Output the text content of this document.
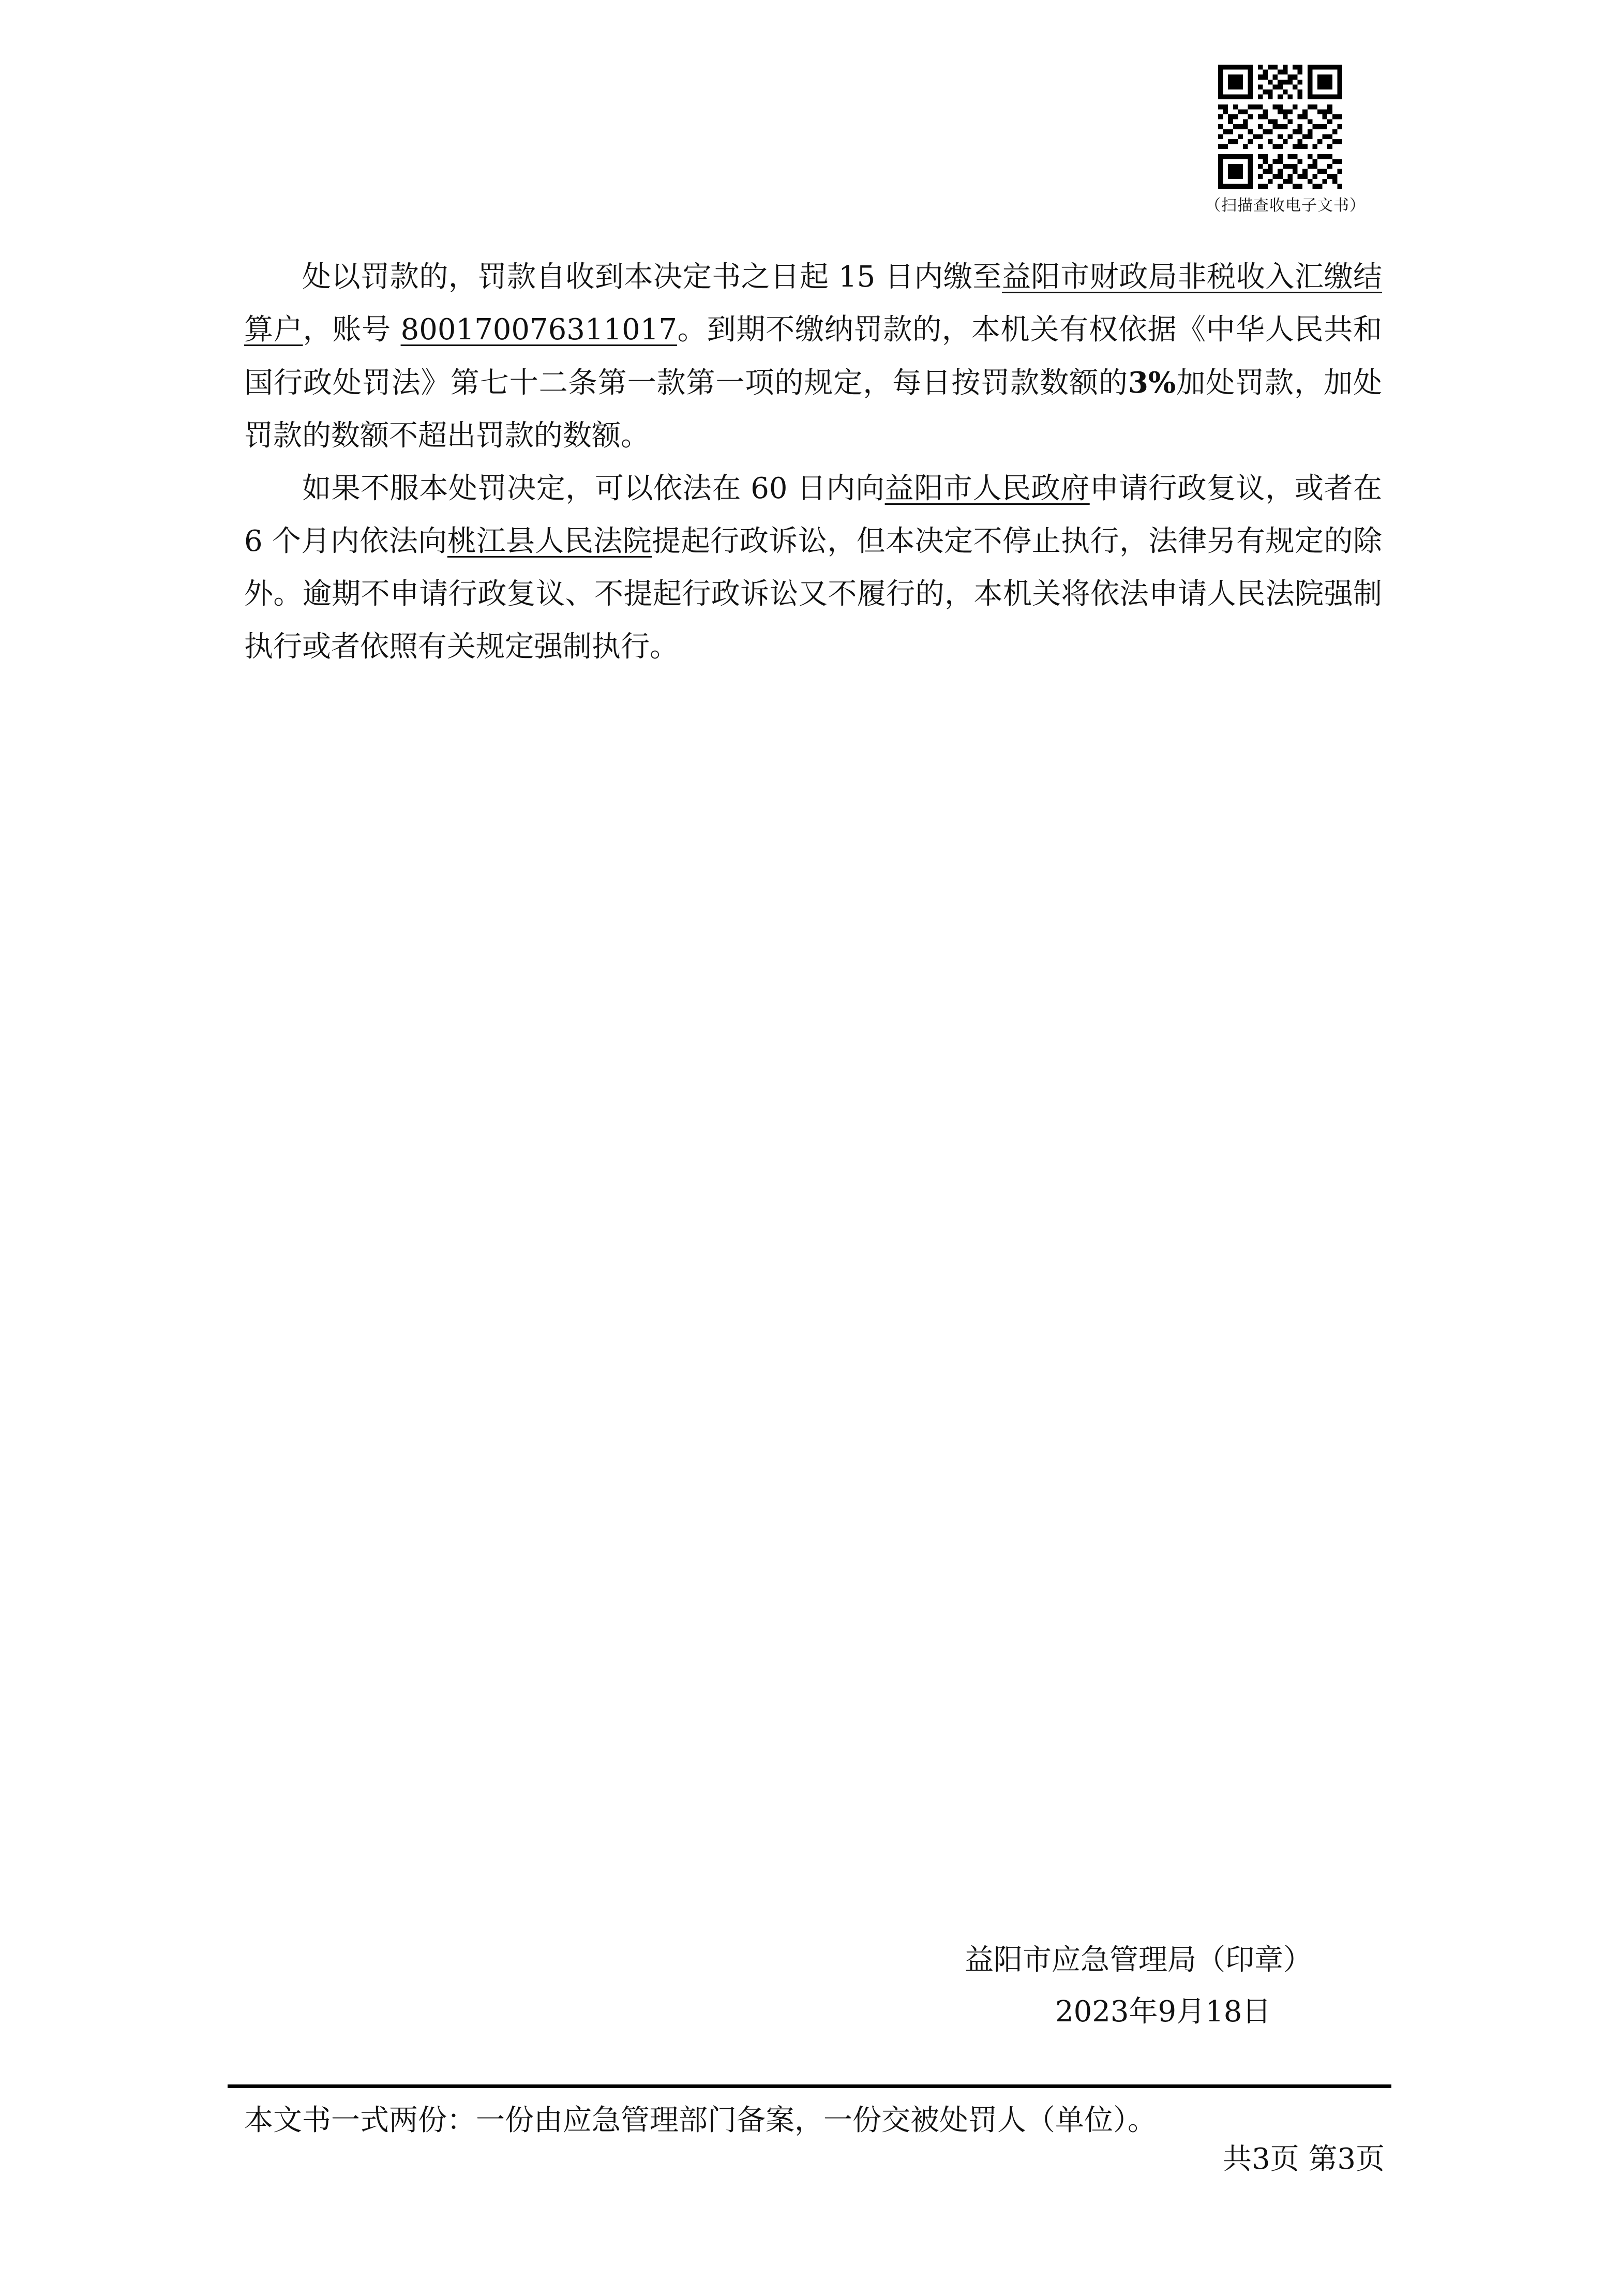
（扫描查收电子文书）

处以罚款的，罚款自收到本决定书之日起 15 日内缴至益阳市财政局非税收入汇缴结算户，账号 800170076311017。到期不缴纳罚款的，本机关有权依据《中华人民共和国行政处罚法》第七十二条第一款第一项的规定，每日按罚款数额的3%加处罚款，加处罚款的数额不超出罚款的数额。

如果不服本处罚决定，可以依法在 60 日内向益阳市人民政府申请行政复议，或者在 6 个月内依法向桃江县人民法院提起行政诉讼，但本决定不停止执行，法律另有规定的除外。逾期不申请行政复议、不提起行政诉讼又不履行的，本机关将依法申请人民法院强制执行或者依照有关规定强制执行。

益阳市应急管理局（印章）
2023年9月18日
本文书一式两份：一份由应急管理部门备案，一份交被处罚人（单位）。
共3页 第3页
